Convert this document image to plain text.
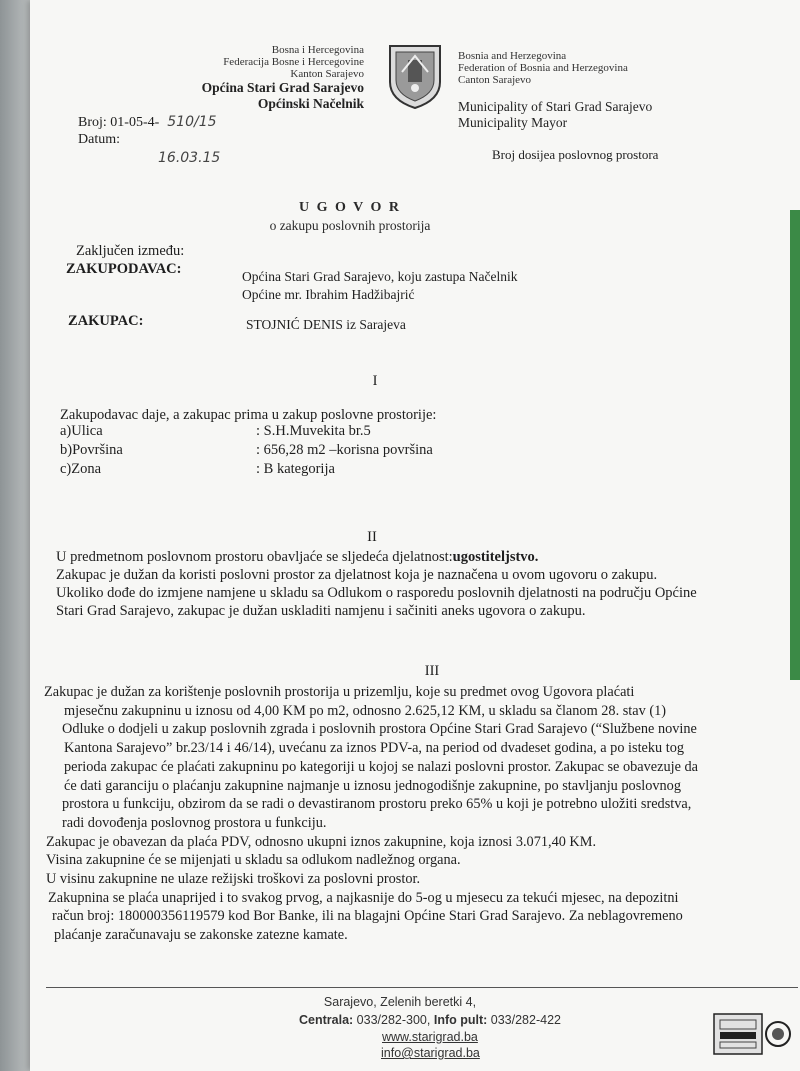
Bosna i Hercegovina
Federacija Bosne i Hercegovine
Kanton Sarajevo
Općina Stari Grad Sarajevo
Općinski Načelnik
Bosnia and Herzegovina
Federation of Bosnia and Herzegovina
Canton Sarajevo
Municipality of Stari Grad Sarajevo
Municipality Mayor
Broj: 01-05-4- 510/15
Datum:
16.03.15	Broj dosijea poslovnog prostora
U G O V O R
o zakupu poslovnih prostorija
Zaključen između:
ZAKUPODAVAC:	Općina Stari Grad Sarajevo, koju zastupa Načelnik
Općine mr. Ibrahim Hadžibajrić
ZAKUPAC:	STOJNIĆ DENIS iz Sarajeva
I
Zakupodavac daje, a zakupac prima u zakup poslovne prostorije:
a)Ulica	: S.H.Muvekita br.5
b)Površina	: 656,28 m2 –korisna površina
c)Zona	: B kategorija
II
U predmetnom poslovnom prostoru obavljaće se sljedeća djelatnost:ugostiteljstvo.
Zakupac je dužan da koristi poslovni prostor za djelatnost koja je naznačena u ovom ugovoru o zakupu.
Ukoliko dođe do izmjene namjene u skladu sa Odlukom o rasporedu poslovnih djelatnosti na području Općine
Stari Grad Sarajevo, zakupac je dužan uskladiti namjenu i sačiniti aneks ugovora o zakupu.
III
Zakupac je dužan za korištenje poslovnih prostorija u prizemlju, koje su predmet ovog Ugovora plaćati
mjesečnu zakupninu u iznosu od 4,00 KM po m2, odnosno 2.625,12 KM, u skladu sa članom 28. stav (1)
Odluke o dodjeli u zakup poslovnih zgrada i poslovnih prostora Općine Stari Grad Sarajevo (“Službene novine
Kantona Sarajevo” br.23/14 i 46/14), uvećanu za iznos PDV-a, na period od dvadeset godina, a po isteku tog
perioda zakupac će plaćati zakupninu po kategoriji u kojoj se nalazi poslovni prostor. Zakupac se obavezuje da
će dati garanciju o plaćanju zakupnine najmanje u iznosu jednogodišnje zakupnine, po stavljanju poslovnog
prostora u funkciju, obzirom da se radi o devastiranom prostoru preko 65% u koji je potrebno uložiti sredstva,
radi dovođenja poslovnog prostora u funkciju.
Zakupac je obavezan da plaća PDV, odnosno ukupni iznos zakupnine, koja iznosi 3.071,40 KM.
Visina zakupnine će se mijenjati u skladu sa odlukom nadležnog organa.
U visinu zakupnine ne ulaze režijski troškovi za poslovni prostor.
Zakupnina se plaća unaprijed i to svakog prvog, a najkasnije do 5-og u mjesecu za tekući mjesec, na depozitni
račun broj: 180000356119579 kod Bor Banke, ili na blagajni Općine Stari Grad Sarajevo. Za neblagovremeno
plaćanje zaračunavaju se zakonske zatezne kamate.
Sarajevo, Zelenih beretki 4,
Centrala: 033/282-300, Info pult: 033/282-422
www.starigrad.ba
info@starigrad.ba
